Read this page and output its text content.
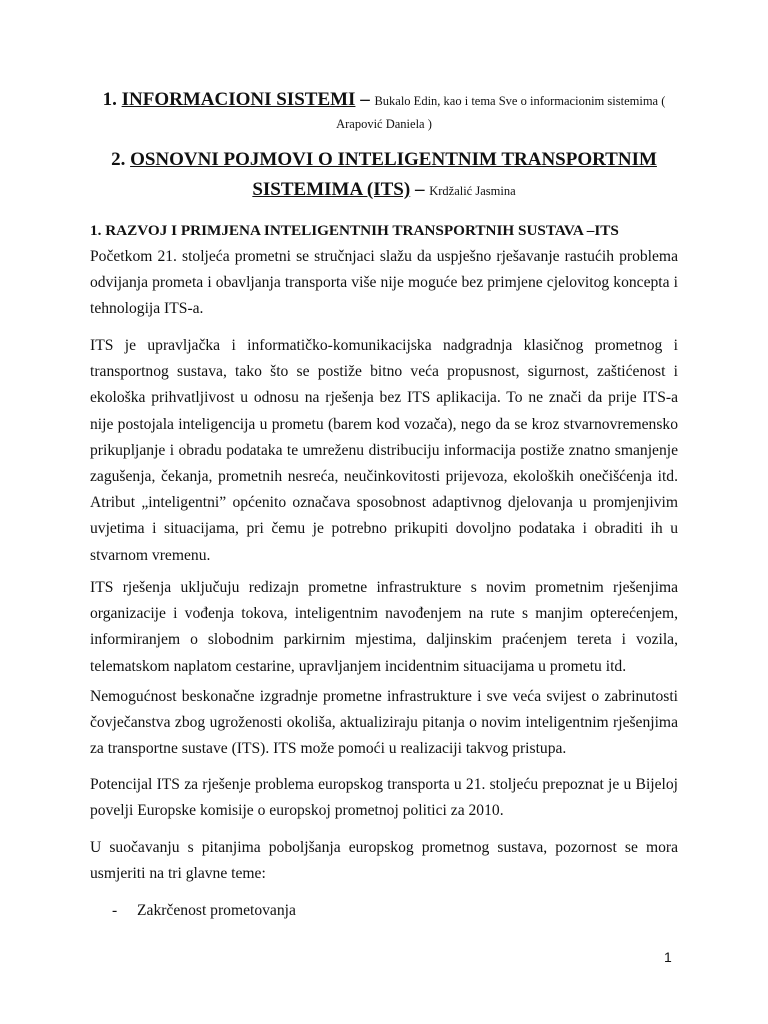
1. INFORMACIONI SISTEMI – Bukalo Edin, kao i tema Sve o informacionim sistemima (

Arapović Daniela )

2. OSNOVNI POJMOVI O INTELIGENTNIM TRANSPORTNIM
SISTEMIMA (ITS) – Krdžalić Jasmina

1. RAZVOJ I PRIMJENA INTELIGENTNIH TRANSPORTNIH SUSTAVA –ITS

Početkom 21. stoljeća prometni se stručnjaci slažu da uspješno rješavanje rastućih problema odvijanja prometa i obavljanja transporta više nije moguće bez primjene cjelovitog koncepta i tehnologija ITS-a.

ITS je upravljačka i informatičko-komunikacijska nadgradnja klasičnog prometnog i transportnog sustava, tako što se postiže bitno veća propusnost, sigurnost, zaštićenost i ekološka prihvatljivost u odnosu na rješenja bez ITS aplikacija. To ne znači da prije ITS-a nije postojala inteligencija u prometu (barem kod vozača), nego da se kroz stvarnovremensko prikupljanje i obradu podataka te umreženu distribuciju informacija postiže znatno smanjenje zagušenja, čekanja, prometnih nesreća, neučinkovitosti prijevoza, ekoloških onečišćenja itd. Atribut „inteligentni” općenito označava sposobnost adaptivnog djelovanja u promjenjivim uvjetima i situacijama, pri čemu je potrebno prikupiti dovoljno podataka i obraditi ih u stvarnom vremenu.

ITS rješenja uključuju redizajn prometne infrastrukture s novim prometnim rješenjima organizacije i vođenja tokova, inteligentnim navođenjem na rute s manjim opterećenjem, informiranjem o slobodnim parkirnim mjestima, daljinskim praćenjem tereta i vozila, telematskom naplatom cestarine, upravljanjem incidentnim situacijama u prometu itd.

Nemogućnost beskonačne izgradnje prometne infrastrukture i sve veća svijest o zabrinutosti čovječanstva zbog ugroženosti okoliša, aktualiziraju pitanja o novim inteligentnim rješenjima za transportne sustave (ITS). ITS može pomoći u realizaciji takvog pristupa.

Potencijal ITS za rješenje problema europskog transporta u 21. stoljeću prepoznat je u Bijeloj povelji Europske komisije o europskoj prometnoj politici za 2010.

U suočavanju s pitanjima poboljšanja europskog prometnog sustava, pozornost se mora usmjeriti na tri glavne teme:

- Zakrčenost prometovanja
1
